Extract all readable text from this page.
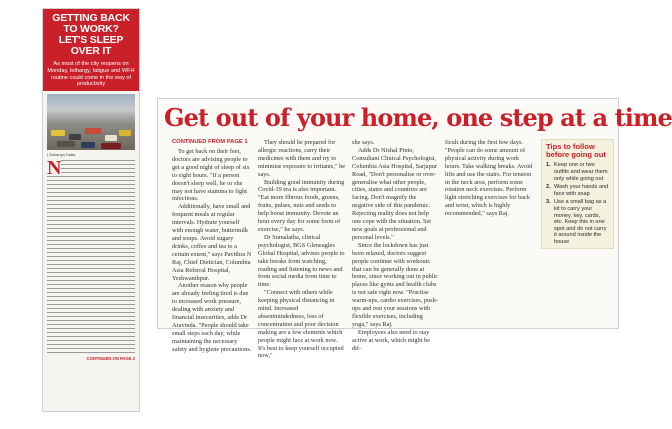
GETTING BACK
TO WORK?
LET'S SLEEP
OVER IT
As most of the city reopens on Monday, lethargy, fatigue and WFH routine could come in the way of productivity
| Sukanya Datta
N
CONTINUED ON PAGE 2
Get out of your home, one step at a time
CONTINUED FROM PAGE 1

To get back on their feet, doctors are advising people to get a good night of sleep of six to eight hours. "If a person doesn't sleep well, he or she may not have stamina to fight infections.

Additionally, have small and frequent meals at regular intervals. Hydrate yourself with enough water, buttermilk and soups. Avoid sugary drinks, coffee and tea to a certain extent," says Pavithra N Raj, Chief Dietician, Columbia Asia Referral Hospital, Yeshwanthpur.

Another reason why people are already feeling tired is due to increased work pressure, dealing with anxiety and financial insecurities, adds Dr Aravinda. "People should take small steps each day, while maintaining the necessary safety and hygiene precautions.

They should be prepared for allergic reactions, carry their medicines with them and try to minimise exposure to irritants," he says.

Building good immunity during Covid-19 era is also important. "Eat more fibrous foods, greens, fruits, pulses, nuts and seeds to help boost immunity. Devote an hour every day for some form of exercise," he says.

Dr Sumalatha, clinical psychologist, BGS Gleneagles Global Hospital, advises people to take breaks from watching, reading and listening to news and from social media from time to time.

"Connect with others while keeping physical distancing in mind. Increased absentmindedness, loss of concentration and poor decision making are a few elements which people might face at work now. It's best to keep yourself occupied now,"

she says.

Adds Dr Nishal Pinto, Consultant Clinical Psychologist, Columbia Asia Hospital, Sarjapur Road, "Don't personalise or over-generalise what other people, cities, states and countries are facing. Don't magnify the negative side of this pandemic. Rejecting reality does not help one cope with the situation. Set new goals at professional and personal levels."

Since the lockdown has just been relaxed, doctors suggest people continue with workouts that can be generally done at home, since working out in public places like gyms and health clubs is not safe right now. "Practise warm-ups, cardio exercises, push-ups and rest your sessions with flexible exercises, including yoga," says Raj.

Employees also need to stay active at work, which might be dif-

ficult during the first few days. "People can do some amount of physical activity during work hours. Take walking breaks. Avoid lifts and use the stairs. For tension in the neck area, perform some rotation neck exercises. Perform light stretching exercises for back and wrist, which is highly recommended," says Raj.

Tips to follow before going out
1. Keep one or two outfits and wear them only while going out
2. Wash your hands and face with soap
3. Use a small bag as a kit to carry your money, key, cards, etc. Keep this in one spot and do not carry it around inside the house
